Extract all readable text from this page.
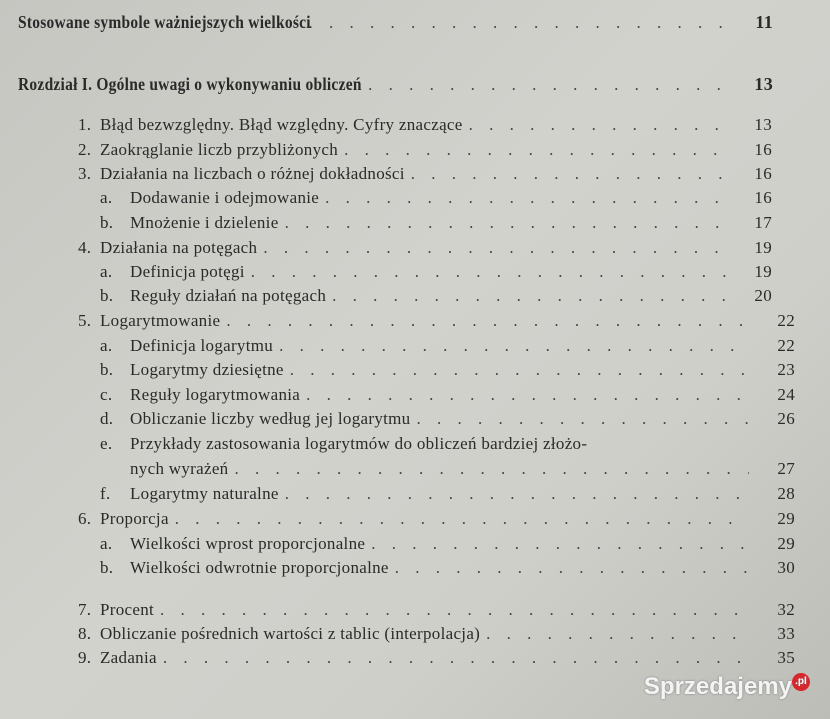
Stosowane symbole ważniejszych wielkości . . .	11
Rozdział I. Ogólne uwagi o wykonywaniu obliczeń . . .	13
1. Błąd bezwzględny. Błąd względny. Cyfry znaczące . . .	13
2. Zaokrąglanie liczb przybliżonych . . .	16
3. Działania na liczbach o różnej dokładności . . .	16
a. Dodawanie i odejmowanie . . .	16
b. Mnożenie i dzielenie . . .	17
4. Działania na potęgach . . .	19
a. Definicja potęgi . . .	19
b. Reguły działań na potęgach . . .	20
5. Logarytmowanie . . .	22
a. Definicja logarytmu . . .	22
b. Logarytmy dziesiętne . . .	23
c. Reguły logarytmowania . . .	24
d. Obliczanie liczby według jej logarytmu . . .	26
e. Przykłady zastosowania logarytmów do obliczeń bardziej złożo-
nych wyrażeń . . .	27
f. Logarytmy naturalne . . .	28
6. Proporcja . . .	29
a. Wielkości wprost proporcjonalne . . .	29
b. Wielkości odwrotnie proporcjonalne . . .	30
7. Procent . . .	32
8. Obliczanie pośrednich wartości z tablic (interpolacja) . . .	33
9. Zadania . . .	35
Sprzedajemy $^{.pl}$
